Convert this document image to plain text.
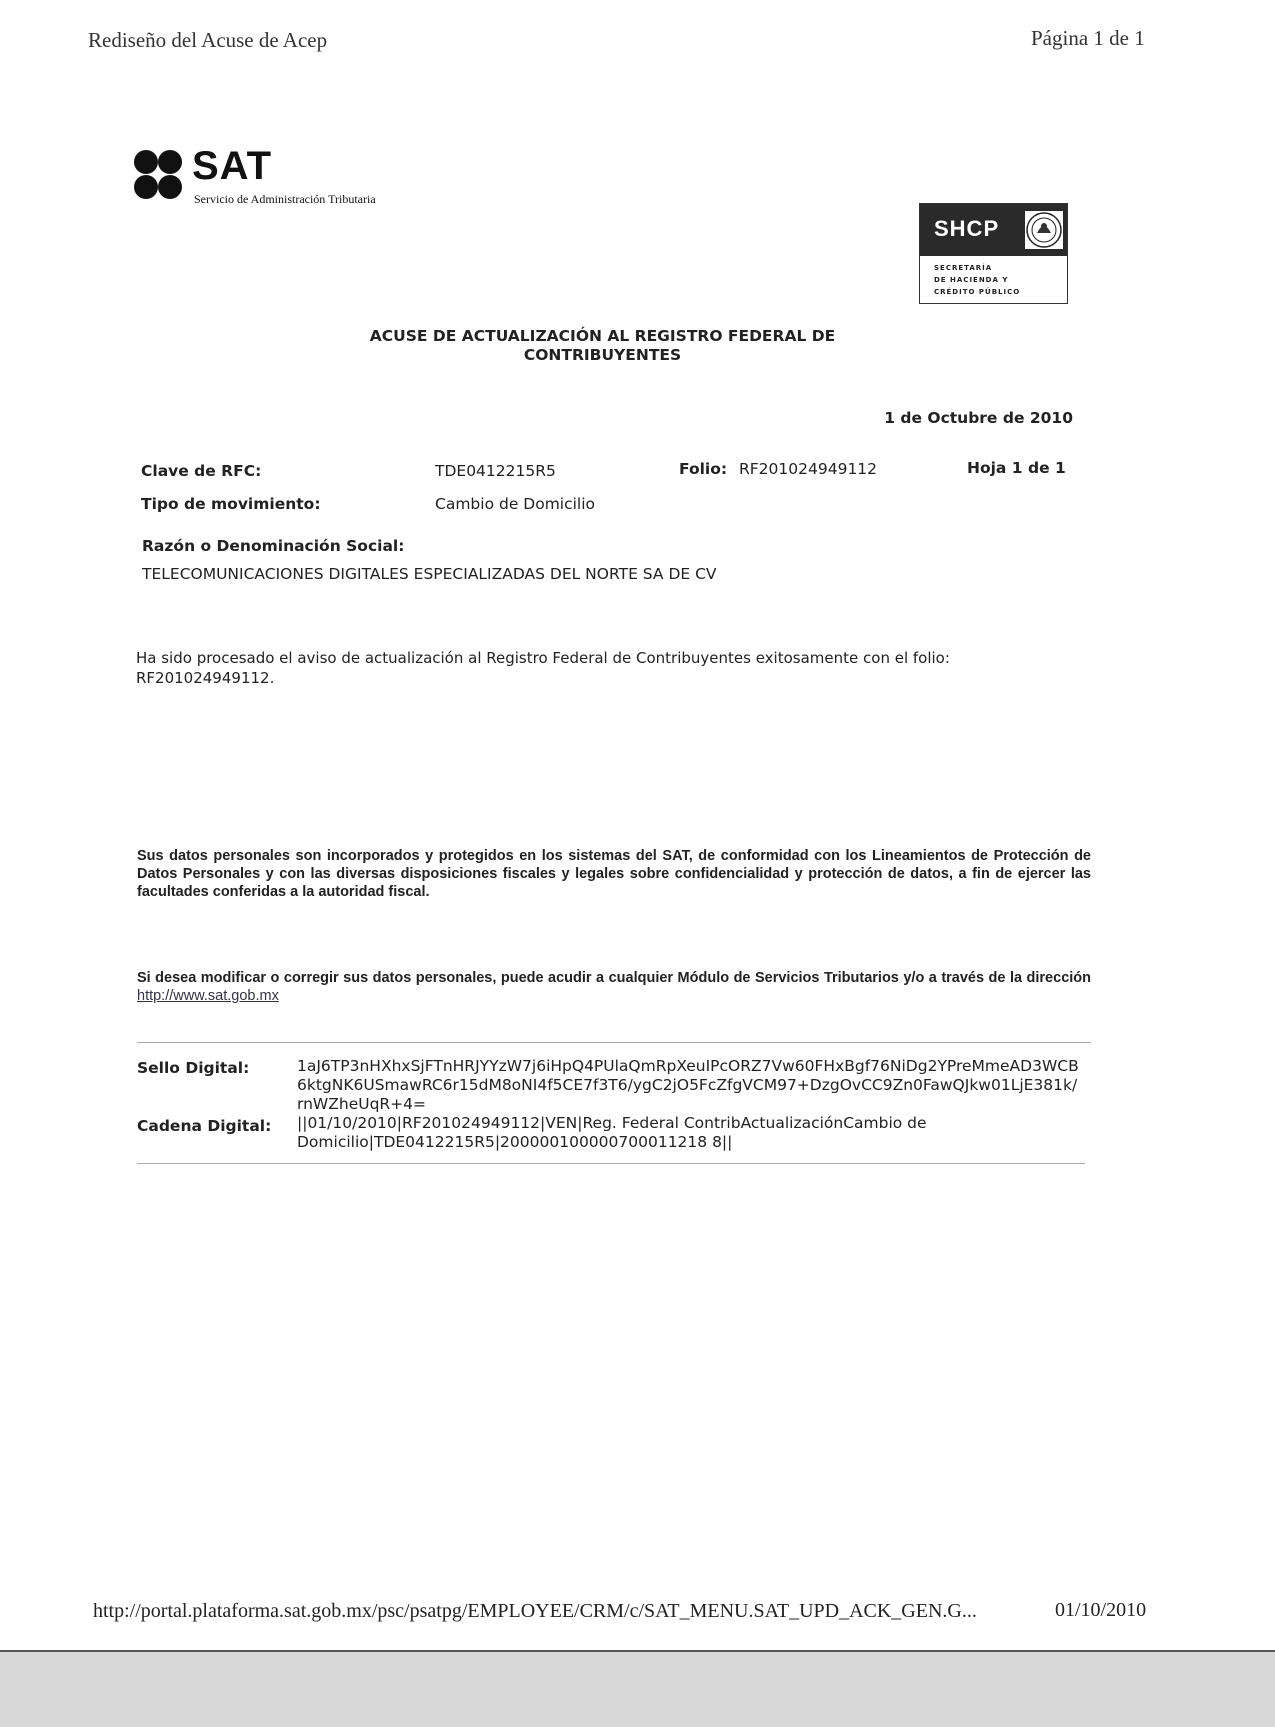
Rediseño del Acuse de Acep	Página 1 de 1
SAT
Servicio de Administración Tributaria
SHCP
SECRETARÍA
DE HACIENDA Y
CRÉDITO PÚBLICO
ACUSE DE ACTUALIZACIÓN AL REGISTRO FEDERAL DE
CONTRIBUYENTES
1 de Octubre de 2010
Clave de RFC:	TDE0412215R5	Folio: RF201024949112	Hoja 1 de 1
Tipo de movimiento:	Cambio de Domicilio
Razón o Denominación Social:
TELECOMUNICACIONES DIGITALES ESPECIALIZADAS DEL NORTE SA DE CV
Ha sido procesado el aviso de actualización al Registro Federal de Contribuyentes exitosamente con el folio:
RF201024949112.
Sus datos personales son incorporados y protegidos en los sistemas del SAT, de conformidad con los Lineamientos de Protección de Datos Personales y con las diversas disposiciones fiscales y legales sobre confidencialidad y protección de datos, a fin de ejercer las facultades conferidas a la autoridad fiscal.
Si desea modificar o corregir sus datos personales, puede acudir a cualquier Módulo de Servicios Tributarios y/o a través de la dirección http://www.sat.gob.mx
Sello Digital:	1aJ6TP3nHXhxSjFTnHRJYYzW7j6iHpQ4PUlaQmRpXeuIPcORZ7Vw60FHxBgf76NiDg2YPreMmeAD3WCB
6ktgNK6USmawRC6r15dM8oNI4f5CE7f3T6/ygC2jO5FcZfgVCM97+DzgOvCC9Zn0FawQJkw01LjE381k/
rnWZheUqR+4=
Cadena Digital: ||01/10/2010|RF201024949112|VEN|Reg. Federal ContribActualizaciónCambio de
Domicilio|TDE0412215R5|200000100000700011218 8||
http://portal.plataforma.sat.gob.mx/psc/psatpg/EMPLOYEE/CRM/c/SAT_MENU.SAT_UPD_ACK_GEN.G...	01/10/2010
